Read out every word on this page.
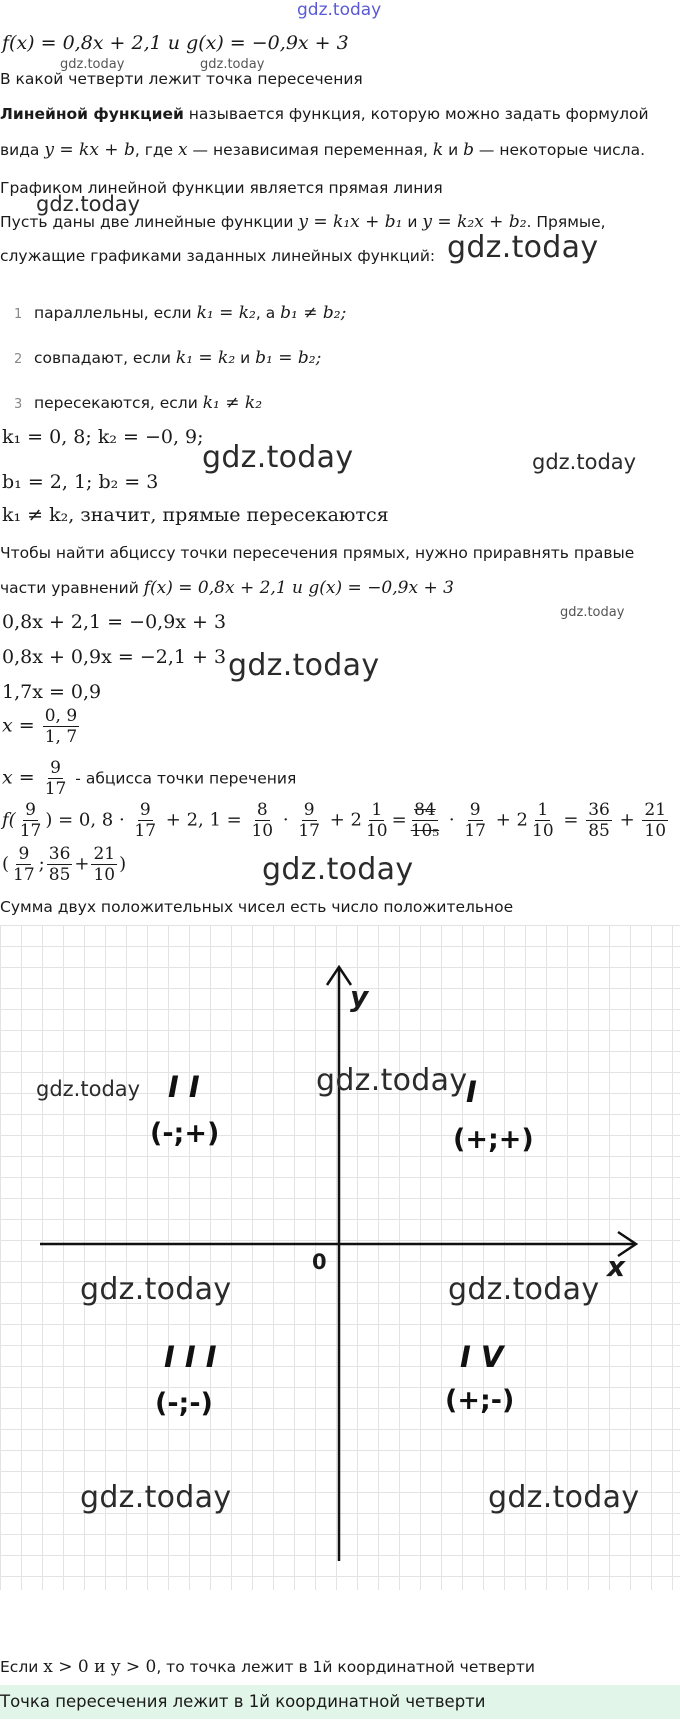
gdz.today
f(x) = 0,8x + 2,1 и g(x) = −0,9x + 3
gdz.today	gdz.today
В какой четверти лежит точка пересечения
Линейной функцией называется функция, которую можно задать формулой
вида y = kx + b, где x — независимая переменная, k и b — некоторые числа.
Графиком линейной функции является прямая линия
gdz.today
Пусть даны две линейные функции y = k₁x + b₁ и y = k₂x + b₂. Прямые,
служащие графиками заданных линейных функций: gdz.today
1 параллельны, если k₁ = k₂, а b₁ ≠ b₂;
2 совпадают, если k₁ = k₂ и b₁ = b₂;
3 пересекаются, если k₁ ≠ k₂
k₁ = 0, 8; k₂ = −0, 9;
gdz.today	gdz.today
b₁ = 2, 1; b₂ = 3
k₁ ≠ k₂, значит, прямые пересекаются
Чтобы найти абциссу точки пересечения прямых, нужно приравнять правые
части уравнений f(x) = 0,8x + 2,1 и g(x) = −0,9x + 3
gdz.today
0,8x + 2,1 = −0,9x + 3
0,8x + 0,9x = −2,1 + 3 gdz.today
1,7x = 0,9
$x = \frac{0, 9}{1, 7}$
$x = \frac{9}{17}$ - абцисса точки перечения
$f( \frac{9}{17}$ ) = 0, $8 \cdot \frac{9}{17} + 2$, $1 = \frac{8}{10} \cdot \frac{9}{17} + 2 \frac{1}{10} = \frac{84}{\text{10₅}} \cdot \frac{9}{17} + 2 \frac{1}{10} = \frac{36}{85} + \frac{21}{10}$
( $\frac{9}{17}$ ; $\frac{36}{85} + \frac{21}{10}$ )	gdz.today
Сумма двух положительных чисел есть число положительное
y
x
0
I
(+;+)
I I
(-;+)
I I I
(-;-)
I V
(+;-)
gdz.today	gdz.today
gdz.today	gdz.today
gdz.today	gdz.today
Если x > 0 и y > 0, то точка лежит в 1й координатной четверти
Точка пересечения лежит в 1й координатной четверти
